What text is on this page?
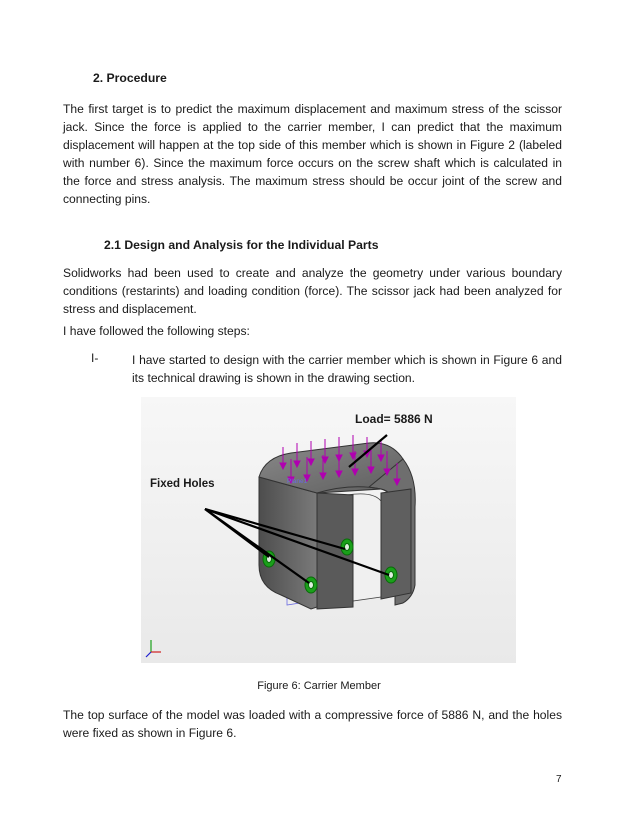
2. Procedure
The first target is to predict the maximum displacement and maximum stress of the scissor jack. Since the force is applied to the carrier member, I can predict that the maximum displacement will happen at the top side of this member which is shown in Figure 2 (labeled with number 6). Since the maximum force occurs on the screw shaft which is calculated in the force and stress analysis. The maximum stress should be occur joint of the screw and connecting pins.
2.1 Design and Analysis for the Individual Parts
Solidworks had been used to create and analyze the geometry under various boundary conditions (restarints) and loading condition (force). The scissor jack had been analyzed for stress and displacement.
I have followed the following steps:
I-	I have started to design with the carrier member which is shown in Figure 6 and its technical drawing is shown in the drawing section.
Plane1
Fixed Holes
Load= 5886 N
Figure 6: Carrier Member
The top surface of the model was loaded with a compressive force of 5886 N, and the holes were fixed as shown in Figure 6.
7
